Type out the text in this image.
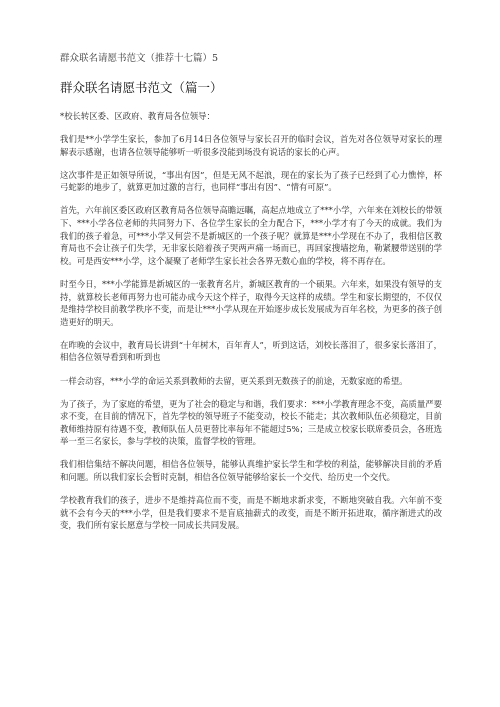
群众联名请愿书范文（推荐十七篇）5
群众联名请愿书范文（篇一）

*校长转区委、区政府、教育局各位领导：

我们是**小学学生家长，参加了6月14日各位领导与家长召开的临时会议，首先对各位领导对家长的理解表示感谢，也请各位领导能够听一听很多没能到场没有说话的家长的心声。

这次事件是正如领导所说，“事出有因”，但是无风不起浪，现在的家长为了孩子已经到了心力憔悴，杯弓蛇影的地步了，就算更加过激的言行，也同样“事出有因”、“情有可原”。

首先，六年前区委区政府区教育局各位领导高瞻远瞩，高起点地成立了***小学，六年来在刘校长的带领下、***小学各位老师的共同努力下、各位学生家长的全力配合下，***小学才有了今天的成就。我们为我们的孩子着急，可***小学又何尝不是新城区的一个孩子呢？就算是***小学现在不办了，我相信区教育局也不会让孩子们失学，无非家长陪着孩子哭两声痛一场而已，再回家搜墙挖角，勒紧腰带送别的学校。可是西安***小学，这个凝聚了老师学生家长社会各界无数心血的学校，将不再存在。

时至今日，***小学能算是新城区的一张教育名片，新城区教育的一个硕果。六年来，如果没有领导的支持，就算校长老师再努力也可能办成今天这个样子，取得今天这样的成绩。学生和家长期望的，不仅仅是维持学校目前教学秩序不变，而是让***小学从现在开始逐步成长发展成为百年名校，为更多的孩子创造更好的明天。

在昨晚的会议中，教育局长讲到“十年树木，百年育人”，听到这话，刘校长落泪了，很多家长落泪了，相信各位领导看到和听到也

一样会动容，***小学的命运关系到教师的去留，更关系到无数孩子的前途，无数家庭的希望。

为了孩子，为了家庭的希望，更为了社会的稳定与和谐，我们要求：***小学教育理念不变，高质量严要求不变，在目前的情况下，首先学校的领导班子不能变动，校长不能走；其次教师队伍必须稳定，目前教师维持原有待遇不变，教师队伍人员更替比率每年不能超过5%；三是成立校家长联席委员会，各班选举一至三名家长，参与学校的决策，监督学校的管理。

我们相信集结不解决问题，相信各位领导，能够认真维护家长学生和学校的利益，能够解决目前的矛盾和问题。所以我们家长会暂时克制，相信各位领导能够给家长一个交代、给历史一个交代。

学校教育我们的孩子，进步不是维持高位而不变，而是不断地求新求变，不断地突破自我。六年前不变就不会有今天的***小学，但是我们要求不是盲底抽薪式的改变，而是不断开拓进取，循序渐进式的改变，我们所有家长愿意与学校一同成长共同发展。
